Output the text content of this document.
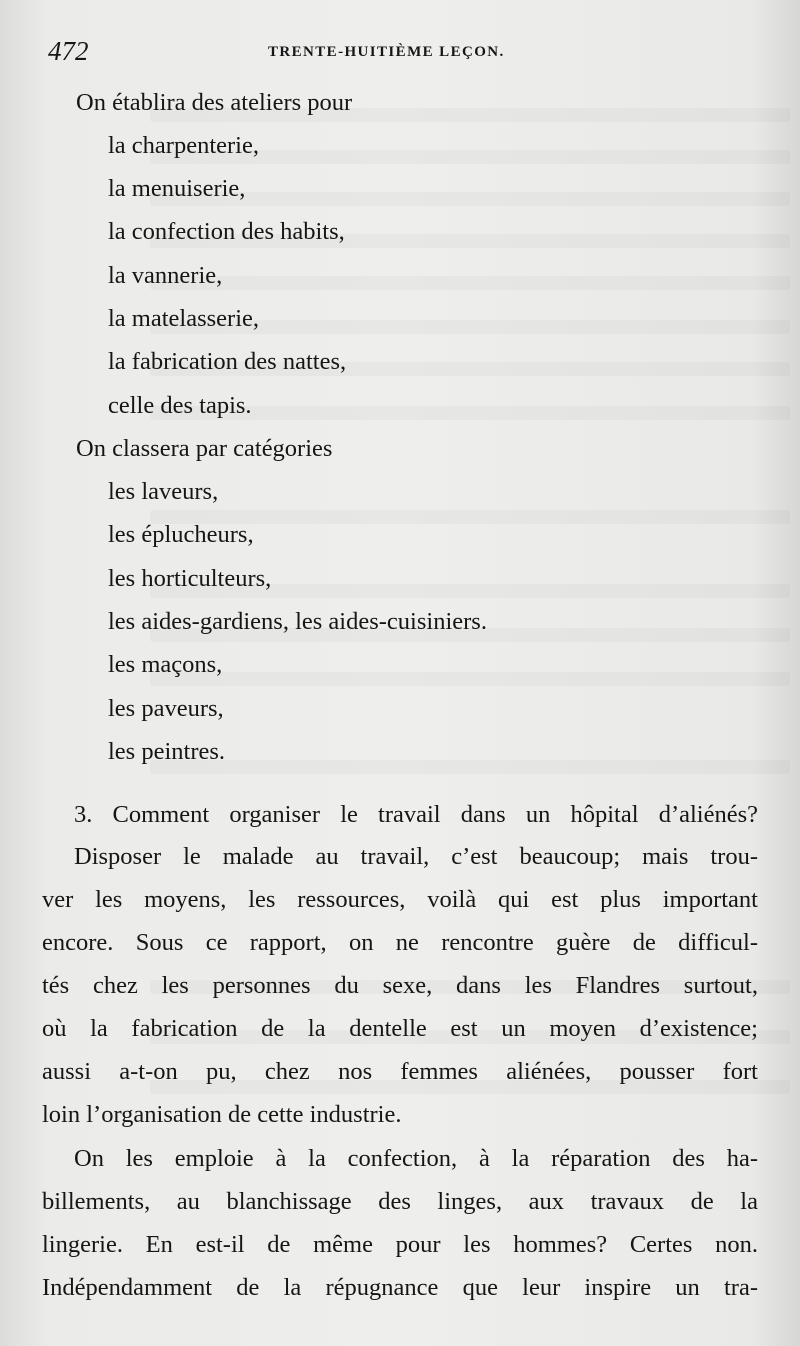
472	TRENTE-HUITIÈME LEÇON.
On établira des ateliers pour
la charpenterie,
la menuiserie,
la confection des habits,
la vannerie,
la matelasserie,
la fabrication des nattes,
celle des tapis.
On classera par catégories
les laveurs,
les éplucheurs,
les horticulteurs,
les aides-gardiens, les aides-cuisiniers.
les maçons,
les paveurs,
les peintres.
3. Comment organiser le travail dans un hôpital d’aliénés?
Disposer le malade au travail, c’est beaucoup; mais trou-
ver les moyens, les ressources, voilà qui est plus important
encore. Sous ce rapport, on ne rencontre guère de difficul-
tés chez les personnes du sexe, dans les Flandres surtout,
où la fabrication de la dentelle est un moyen d’existence;
aussi a-t-on pu, chez nos femmes aliénées, pousser fort
loin l’organisation de cette industrie.
On les emploie à la confection, à la réparation des ha-
billements, au blanchissage des linges, aux travaux de la
lingerie. En est-il de même pour les hommes? Certes non.
Indépendamment de la répugnance que leur inspire un tra-
